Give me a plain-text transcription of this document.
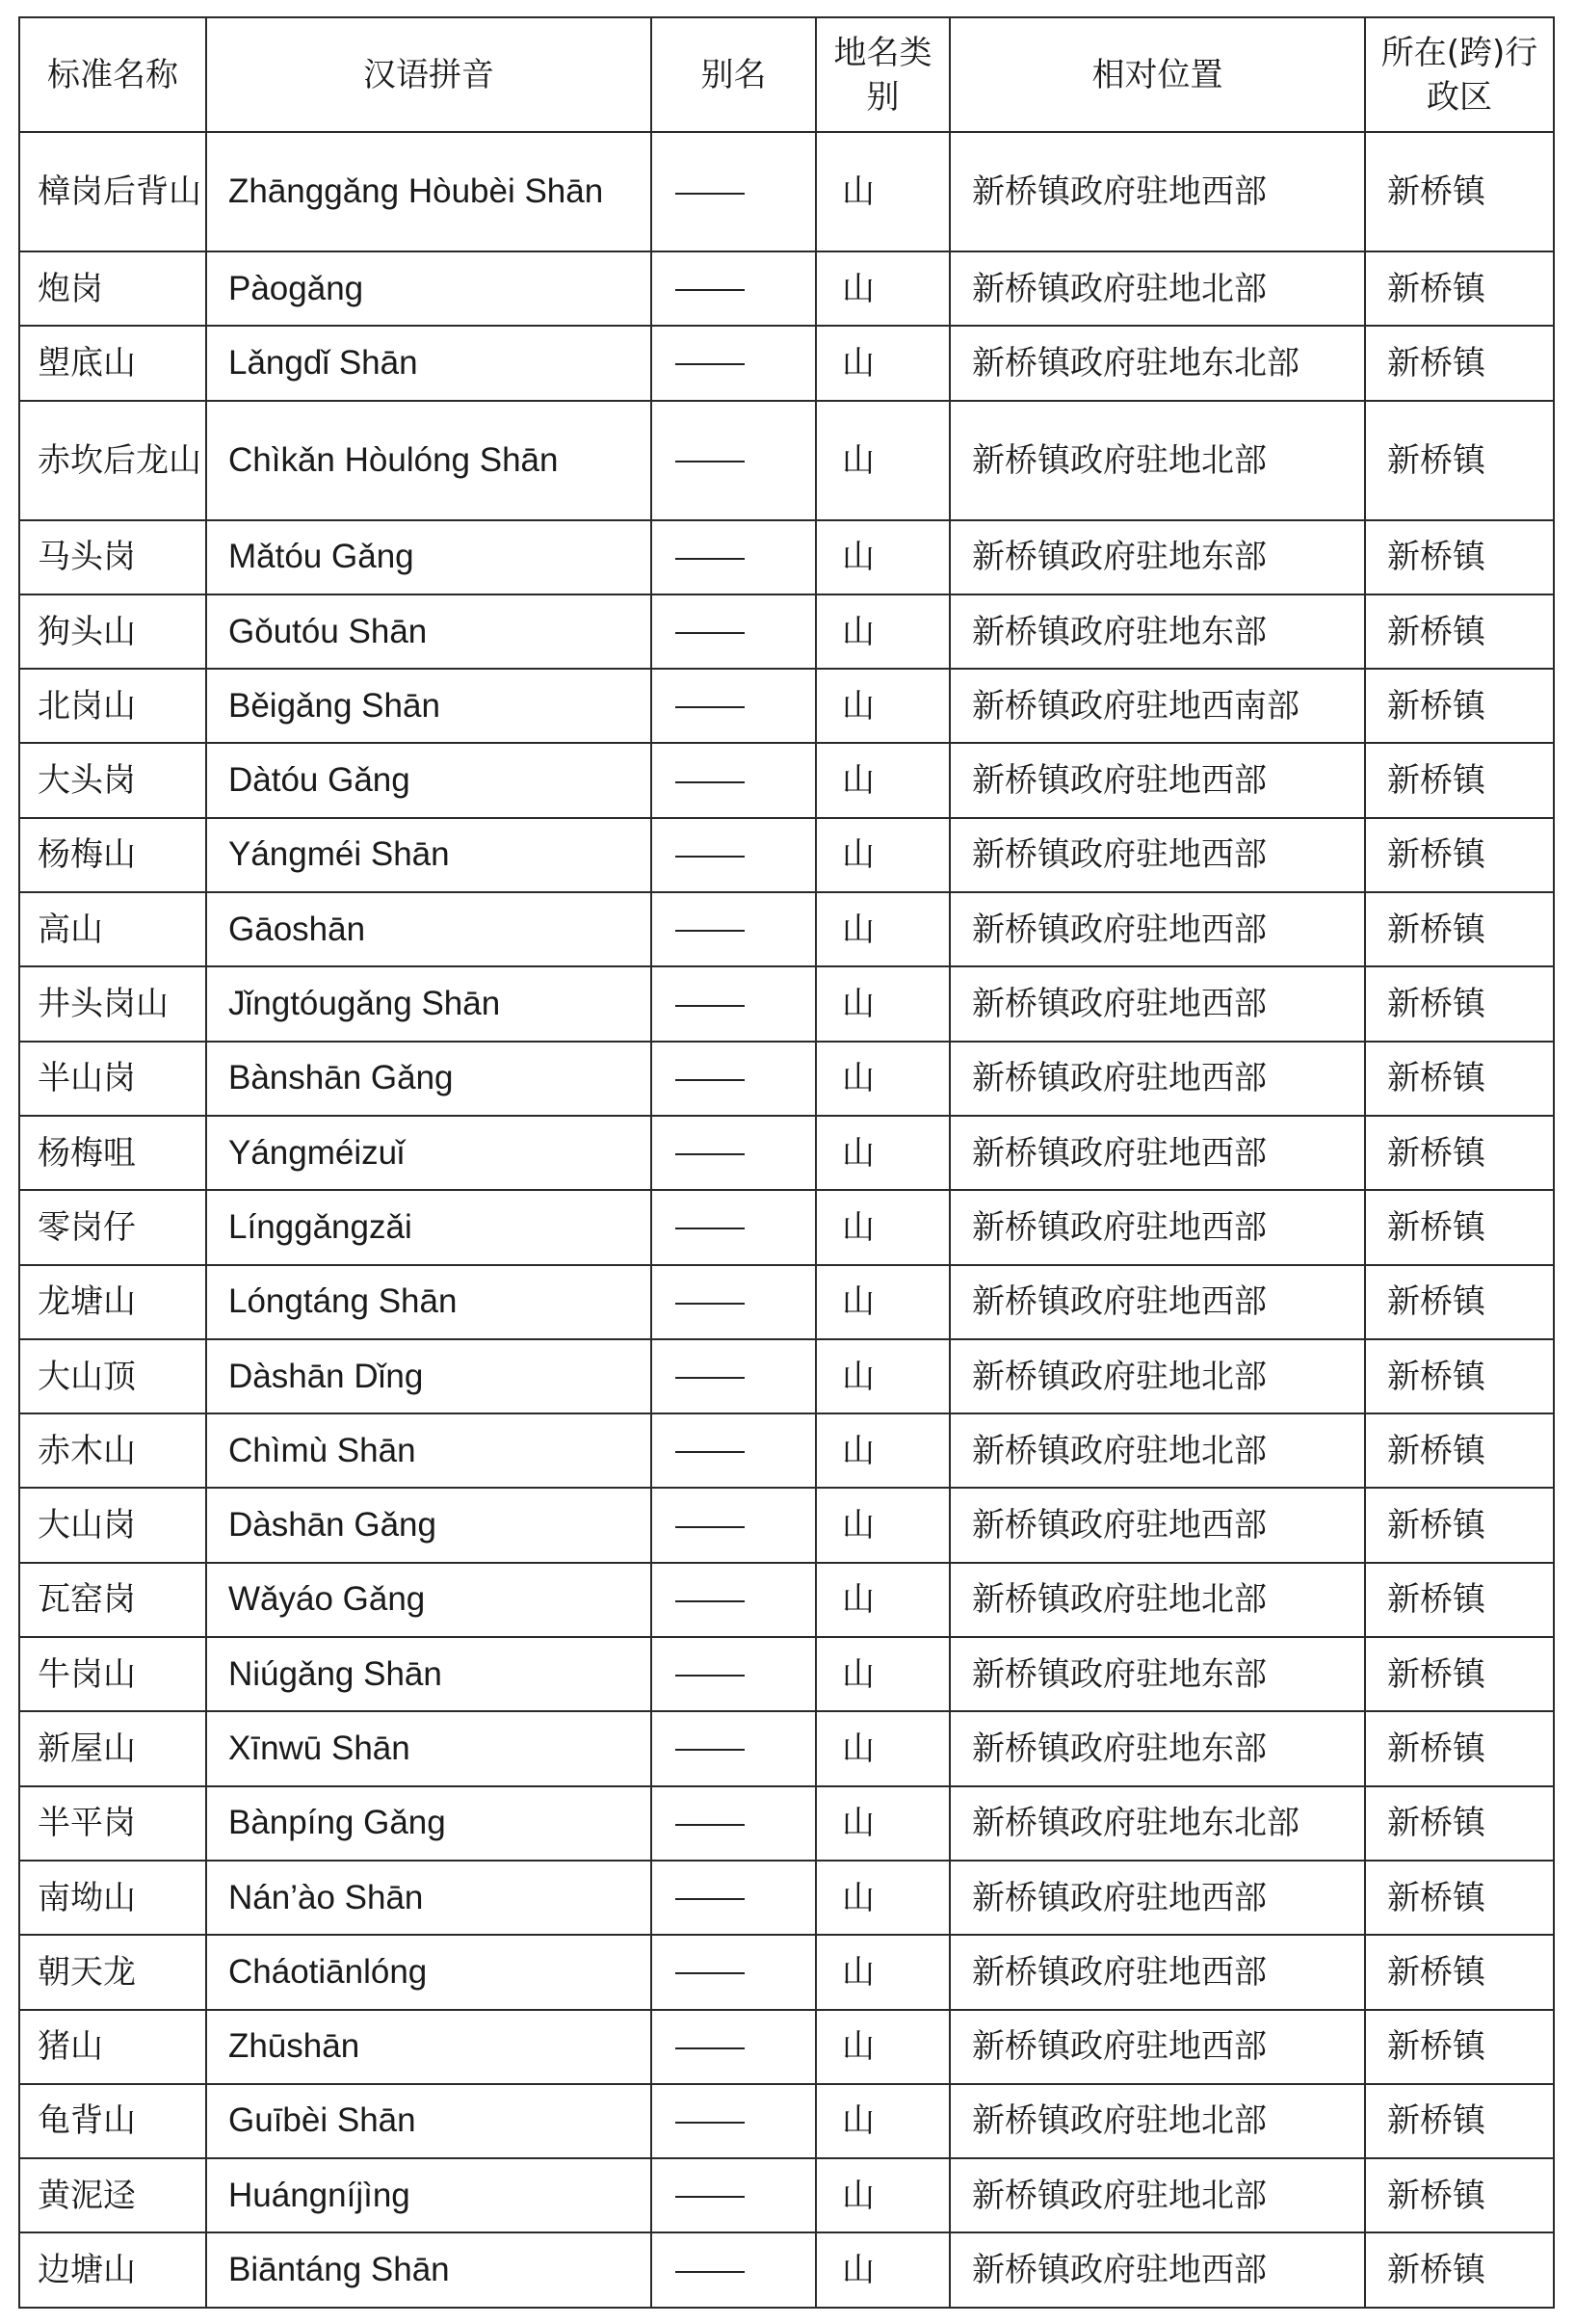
标准名称	汉语拼音	别名	地名类别	相对位置	所在(跨)行政区
樟岗后背山	Zhānggǎng Hòubèi Shān		山	新桥镇政府驻地西部	新桥镇
炮岗	Pàogǎng		山	新桥镇政府驻地北部	新桥镇
塱底山	Lǎngdǐ Shān		山	新桥镇政府驻地东北部	新桥镇
赤坎后龙山	Chìkǎn Hòulóng Shān		山	新桥镇政府驻地北部	新桥镇
马头岗	Mǎtóu Gǎng		山	新桥镇政府驻地东部	新桥镇
狗头山	Gǒutóu Shān		山	新桥镇政府驻地东部	新桥镇
北岗山	Běigǎng Shān		山	新桥镇政府驻地西南部	新桥镇
大头岗	Dàtóu Gǎng		山	新桥镇政府驻地西部	新桥镇
杨梅山	Yángméi Shān		山	新桥镇政府驻地西部	新桥镇
高山	Gāoshān		山	新桥镇政府驻地西部	新桥镇
井头岗山	Jǐngtóugǎng Shān		山	新桥镇政府驻地西部	新桥镇
半山岗	Bànshān Gǎng		山	新桥镇政府驻地西部	新桥镇
杨梅咀	Yángméizuǐ		山	新桥镇政府驻地西部	新桥镇
零岗仔	Línggǎngzǎi		山	新桥镇政府驻地西部	新桥镇
龙塘山	Lóngtáng Shān		山	新桥镇政府驻地西部	新桥镇
大山顶	Dàshān Dǐng		山	新桥镇政府驻地北部	新桥镇
赤木山	Chìmù Shān		山	新桥镇政府驻地北部	新桥镇
大山岗	Dàshān Gǎng		山	新桥镇政府驻地西部	新桥镇
瓦窑岗	Wǎyáo Gǎng		山	新桥镇政府驻地北部	新桥镇
牛岗山	Niúgǎng Shān		山	新桥镇政府驻地东部	新桥镇
新屋山	Xīnwū Shān		山	新桥镇政府驻地东部	新桥镇
半平岗	Bànpíng Gǎng		山	新桥镇政府驻地东北部	新桥镇
南坳山	Nán’ào Shān		山	新桥镇政府驻地西部	新桥镇
朝天龙	Cháotiānlóng		山	新桥镇政府驻地西部	新桥镇
猪山	Zhūshān		山	新桥镇政府驻地西部	新桥镇
龟背山	Guībèi Shān		山	新桥镇政府驻地北部	新桥镇
黄泥迳	Huángníjìng		山	新桥镇政府驻地北部	新桥镇
边塘山	Biāntáng Shān		山	新桥镇政府驻地西部	新桥镇
